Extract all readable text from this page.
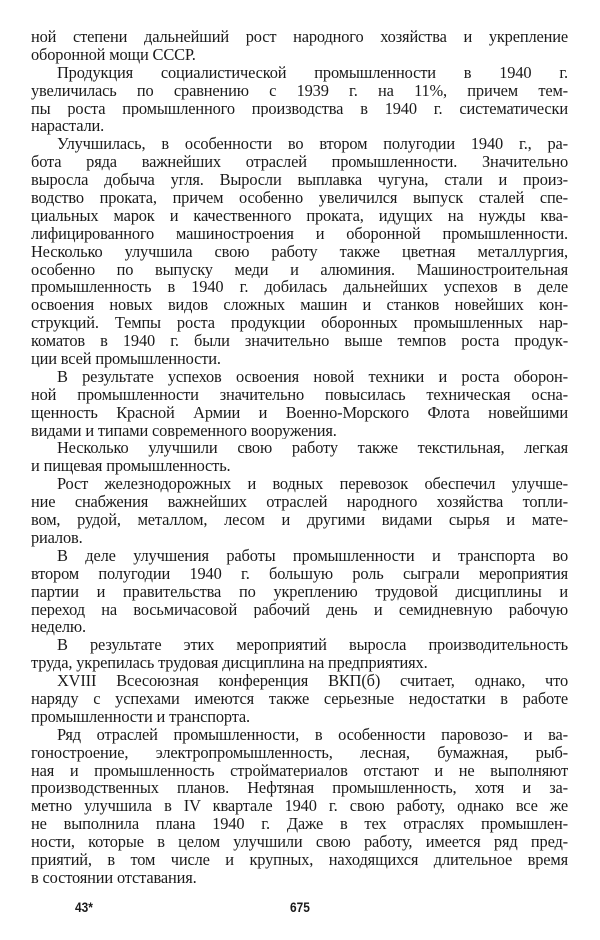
ной степени дальнейший рост народного хозяйства и укрепление
оборонной мощи СССР.
Продукция социалистической промышленности в 1940 г.
увеличилась по сравнению с 1939 г. на 11%, причем тем-
пы роста промышленного производства в 1940 г. систематически
нарастали.
Улучшилась, в особенности во втором полугодии 1940 г., ра-
бота ряда важнейших отраслей промышленности. Значительно
выросла добыча угля. Выросли выплавка чугуна, стали и произ-
водство проката, причем особенно увеличился выпуск сталей спе-
циальных марок и качественного проката, идущих на нужды ква-
лифицированного машиностроения и оборонной промышленности.
Несколько улучшила свою работу также цветная металлургия,
особенно по выпуску меди и алюминия. Машиностроительная
промышленность в 1940 г. добилась дальнейших успехов в деле
освоения новых видов сложных машин и станков новейших кон-
струкций. Темпы роста продукции оборонных промышленных нар-
коматов в 1940 г. были значительно выше темпов роста продук-
ции всей промышленности.
В результате успехов освоения новой техники и роста оборон-
ной промышленности значительно повысилась техническая осна-
щенность Красной Армии и Военно-Морского Флота новейшими
видами и типами современного вооружения.
Несколько улучшили свою работу также текстильная, легкая
и пищевая промышленность.
Рост железнодорожных и водных перевозок обеспечил улучше-
ние снабжения важнейших отраслей народного хозяйства топли-
вом, рудой, металлом, лесом и другими видами сырья и мате-
риалов.
В деле улучшения работы промышленности и транспорта во
втором полугодии 1940 г. большую роль сыграли мероприятия
партии и правительства по укреплению трудовой дисциплины и
переход на восьмичасовой рабочий день и семидневную рабочую
неделю.
В результате этих мероприятий выросла производительность
труда, укрепилась трудовая дисциплина на предприятиях.
XVIII Всесоюзная конференция ВКП(б) считает, однако, что
наряду с успехами имеются также серьезные недостатки в работе
промышленности и транспорта.
Ряд отраслей промышленности, в особенности паровозо- и ва-
гоностроение, электропромышленность, лесная, бумажная, рыб-
ная и промышленность стройматериалов отстают и не выполняют
производственных планов. Нефтяная промышленность, хотя и за-
метно улучшила в IV квартале 1940 г. свою работу, однако все же
не выполнила плана 1940 г. Даже в тех отраслях промышлен-
ности, которые в целом улучшили свою работу, имеется ряд пред-
приятий, в том числе и крупных, находящихся длительное время
в состоянии отставания.
43*	675
